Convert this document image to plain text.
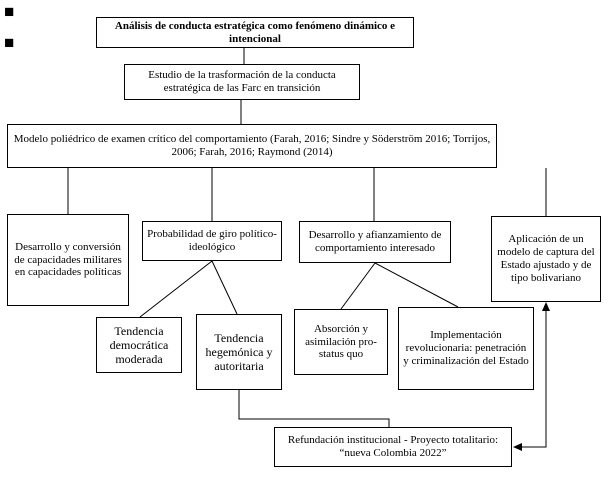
■
■
Análisis de conducta estratégica como fenómeno dinámico e intencional
Estudio de la trasformación de la conducta estratégica de las Farc en transición
Modelo poliédrico de examen crítico del comportamiento (Farah, 2016; Sindre y Söderström 2016; Torrijos, 2006; Farah, 2016; Raymond (2014)
Desarrollo y conversión de capacidades militares en capacidades políticas
Probabilidad de giro político-ideológico
Desarrollo y afianzamiento de comportamiento interesado
Aplicación de un modelo de captura del Estado ajustado y de tipo bolivariano
Tendencia democrática moderada
Tendencia hegemónica y autoritaria
Absorción y asimilación pro-status quo
Implementación revolucionaria: penetración y criminalización del Estado
Refundación institucional - Proyecto totalitario: “nueva Colombia 2022”
